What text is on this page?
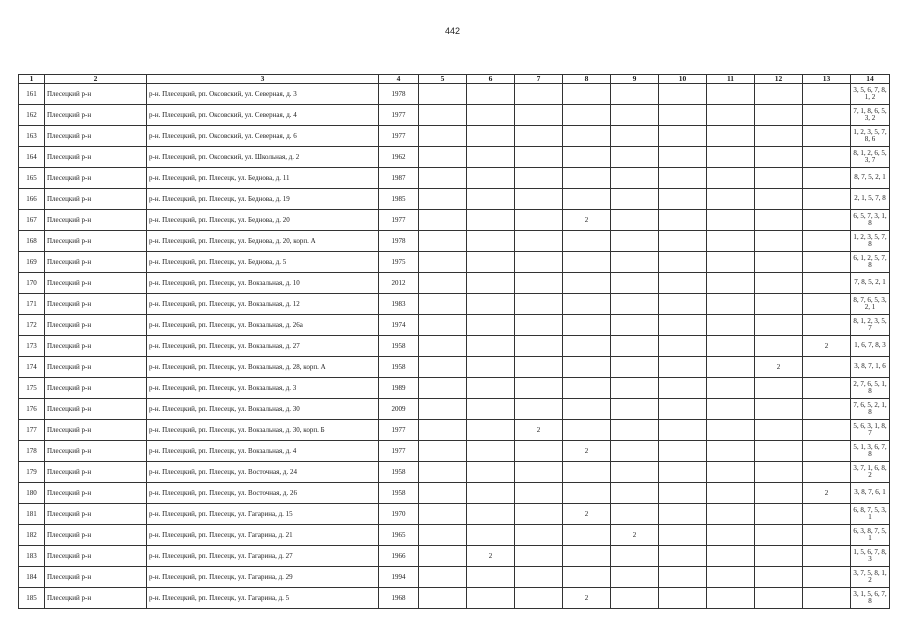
442
1	2	3	4	5	6	7	8	9	10	11	12	13	14
161	Плесецкий р-н	р-н. Плесецкий, рп. Оксовский, ул. Северная, д. 3	1978										3, 5, 6, 7, 8, 1, 2
162	Плесецкий р-н	р-н. Плесецкий, рп. Оксовский, ул. Северная, д. 4	1977										7, 1, 8, 6, 5, 3, 2
163	Плесецкий р-н	р-н. Плесецкий, рп. Оксовский, ул. Северная, д. 6	1977										1, 2, 3, 5, 7, 8, 6
164	Плесецкий р-н	р-н. Плесецкий, рп. Оксовский, ул. Школьная, д. 2	1962										8, 1, 2, 6, 5, 3, 7
165	Плесецкий р-н	р-н. Плесецкий, рп. Плесецк, ул. Беднова, д. 11	1987										8, 7, 5, 2, 1
166	Плесецкий р-н	р-н. Плесецкий, рп. Плесецк, ул. Беднова, д. 19	1985										2, 1, 5, 7, 8
167	Плесецкий р-н	р-н. Плесецкий, рп. Плесецк, ул. Беднова, д. 20	1977				2						6, 5, 7, 3, 1, 8
168	Плесецкий р-н	р-н. Плесецкий, рп. Плесецк, ул. Беднова, д. 20, корп. А	1978										1, 2, 3, 5, 7, 8
169	Плесецкий р-н	р-н. Плесецкий, рп. Плесецк, ул. Беднова, д. 5	1975										6, 1, 2, 5, 7, 8
170	Плесецкий р-н	р-н. Плесецкий, рп. Плесецк, ул. Вокзальная, д. 10	2012										7, 8, 5, 2, 1
171	Плесецкий р-н	р-н. Плесецкий, рп. Плесецк, ул. Вокзальная, д. 12	1983										8, 7, 6, 5, 3, 2, 1
172	Плесецкий р-н	р-н. Плесецкий, рп. Плесецк, ул. Вокзальная, д. 26а	1974										8, 1, 2, 3, 5, 7
173	Плесецкий р-н	р-н. Плесецкий, рп. Плесецк, ул. Вокзальная, д. 27	1958									2	1, 6, 7, 8, 3
174	Плесецкий р-н	р-н. Плесецкий, рп. Плесецк, ул. Вокзальная, д. 28, корп. А	1958								2		3, 8, 7, 1, 6
175	Плесецкий р-н	р-н. Плесецкий, рп. Плесецк, ул. Вокзальная, д. 3	1989										2, 7, 6, 5, 1, 8
176	Плесецкий р-н	р-н. Плесецкий, рп. Плесецк, ул. Вокзальная, д. 30	2009										7, 6, 5, 2, 1, 8
177	Плесецкий р-н	р-н. Плесецкий, рп. Плесецк, ул. Вокзальная, д. 30, корп. Б	1977			2							5, 6, 3, 1, 8, 7
178	Плесецкий р-н	р-н. Плесецкий, рп. Плесецк, ул. Вокзальная, д. 4	1977				2						5, 1, 3, 6, 7, 8
179	Плесецкий р-н	р-н. Плесецкий, рп. Плесецк, ул. Восточная, д. 24	1958										3, 7, 1, 6, 8, 2
180	Плесецкий р-н	р-н. Плесецкий, рп. Плесецк, ул. Восточная, д. 26	1958									2	3, 8, 7, 6, 1
181	Плесецкий р-н	р-н. Плесецкий, рп. Плесецк, ул. Гагарина, д. 15	1970				2						6, 8, 7, 5, 3, 1
182	Плесецкий р-н	р-н. Плесецкий, рп. Плесецк, ул. Гагарина, д. 21	1965					2					6, 3, 8, 7, 5, 1
183	Плесецкий р-н	р-н. Плесецкий, рп. Плесецк, ул. Гагарина, д. 27	1966		2								1, 5, 6, 7, 8, 3
184	Плесецкий р-н	р-н. Плесецкий, рп. Плесецк, ул. Гагарина, д. 29	1994										3, 7, 5, 8, 1, 2
185	Плесецкий р-н	р-н. Плесецкий, рп. Плесецк, ул. Гагарина, д. 5	1968				2						3, 1, 5, 6, 7, 8
